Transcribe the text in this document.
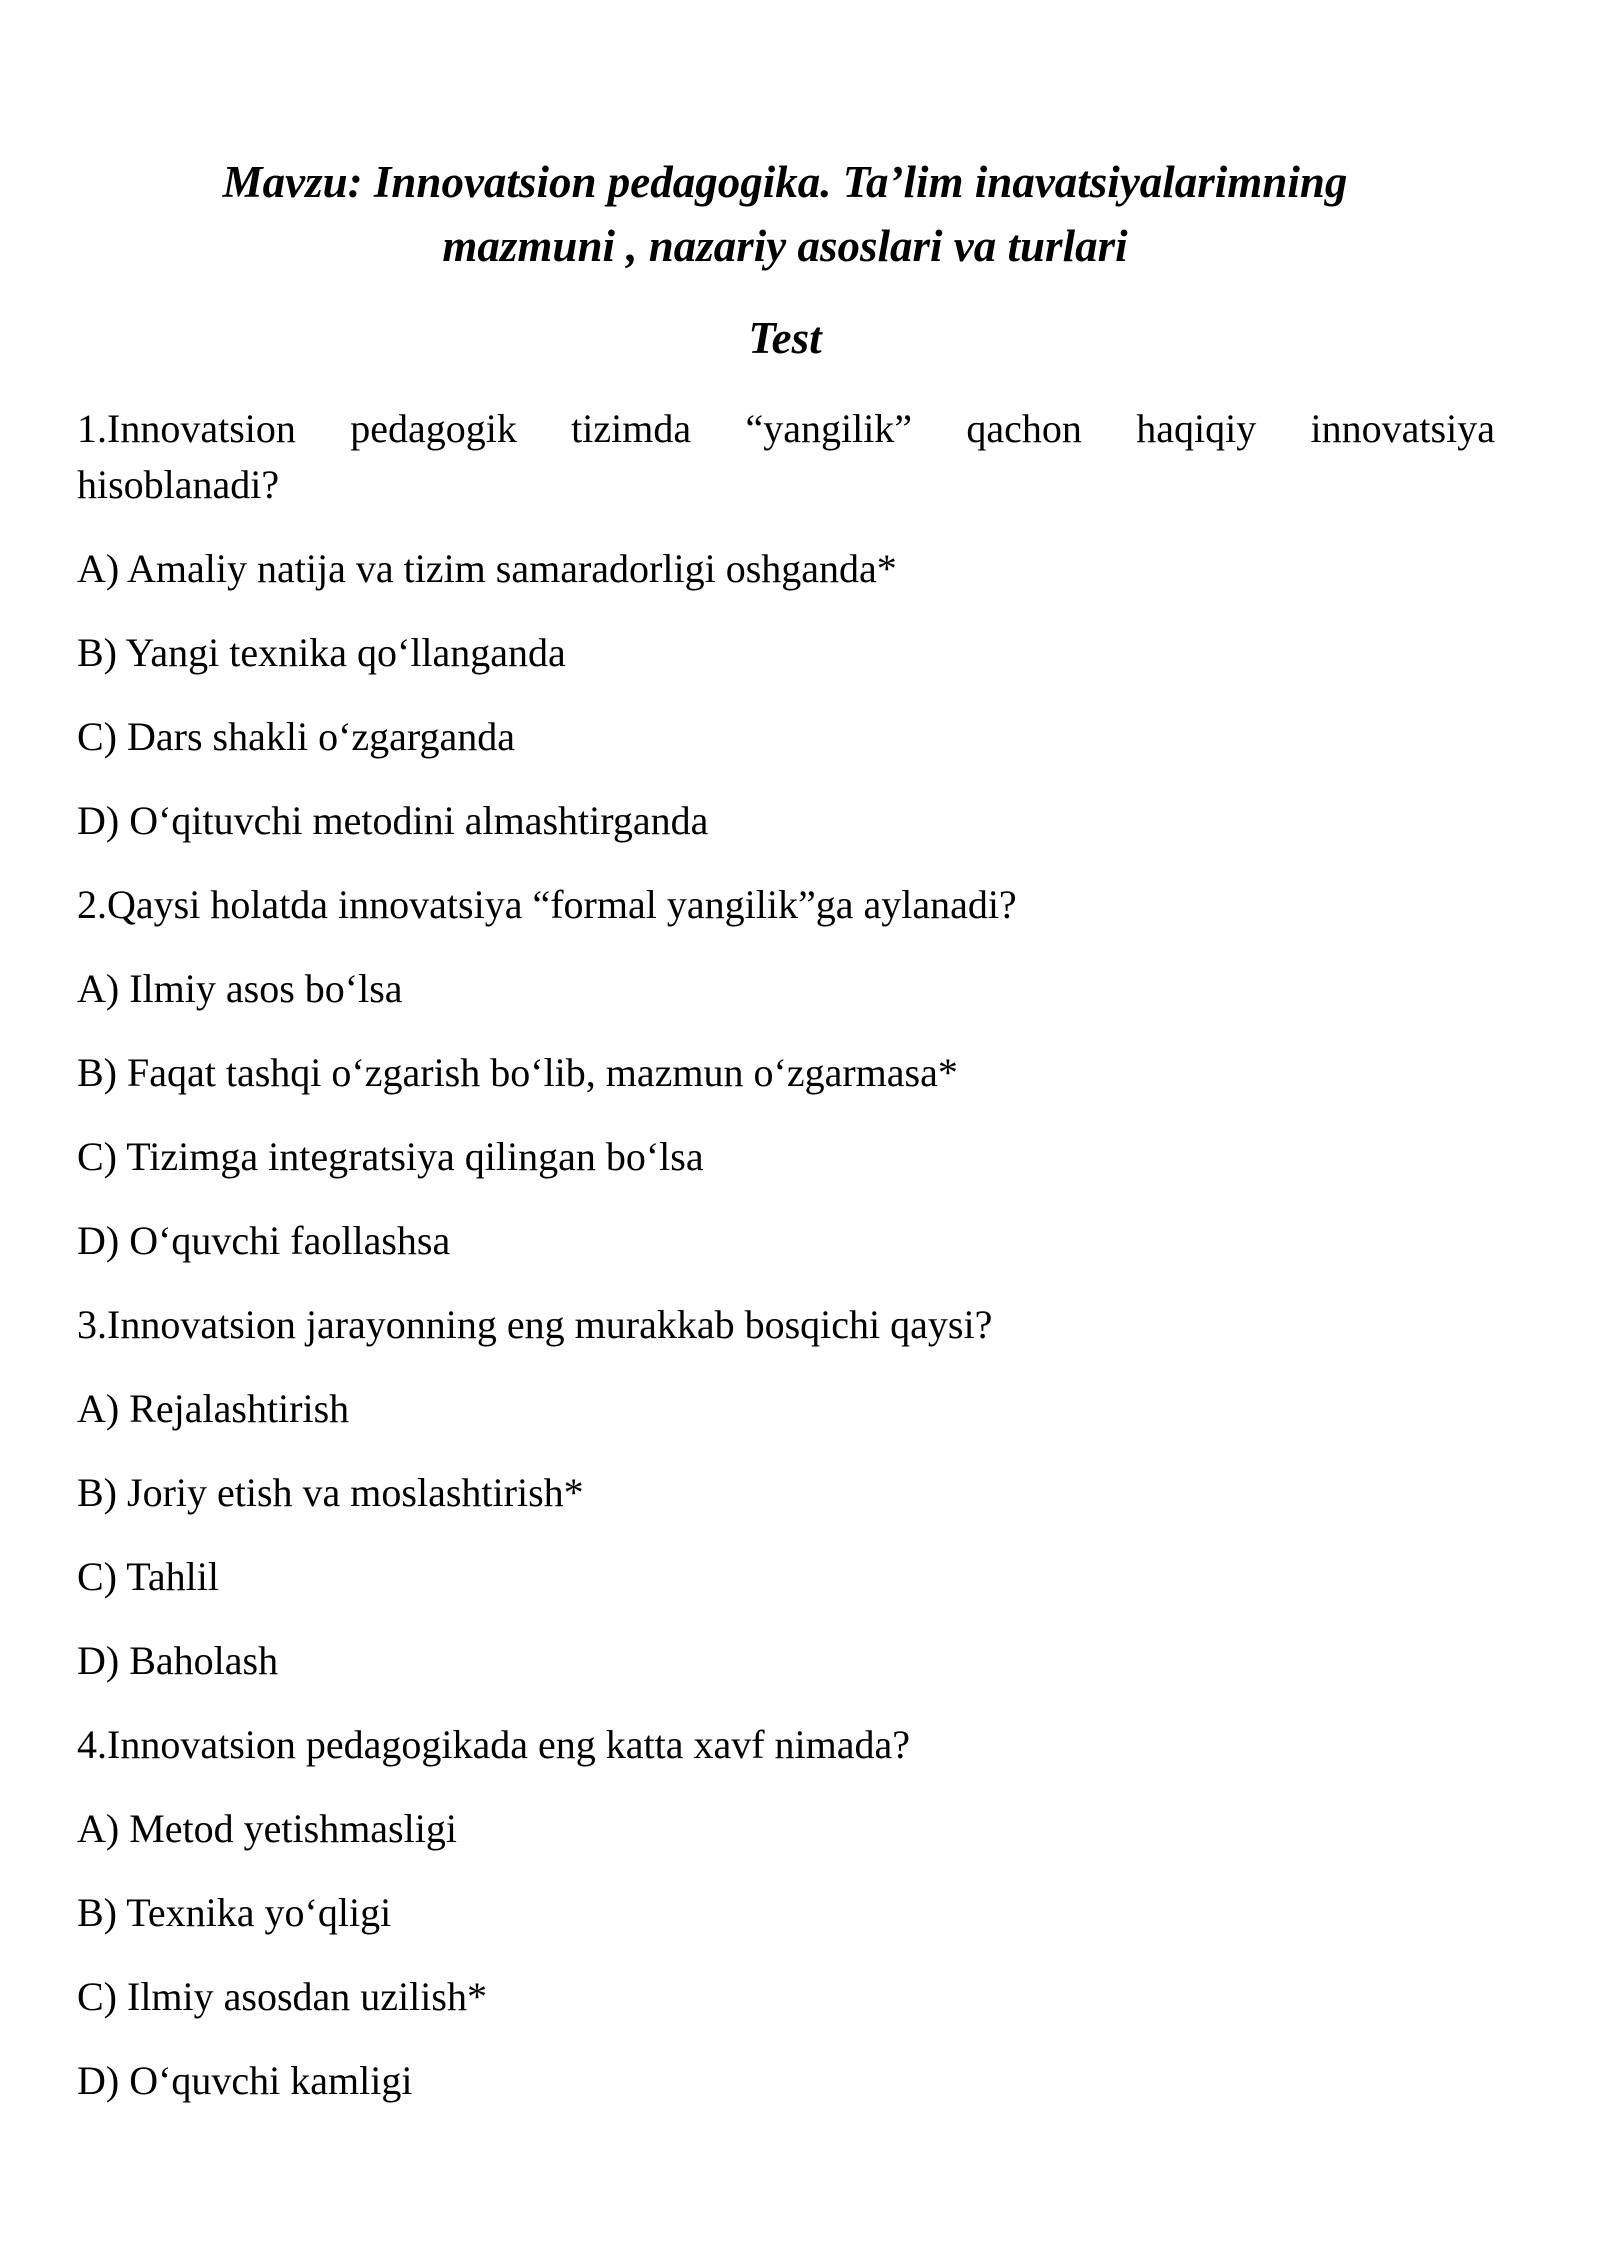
Mavzu: Innovatsion pedagogika. Ta’lim inavatsiyalarimning

mazmuni , nazariy asoslari va turlari

Test

1.Innovatsion pedagogik tizimda “yangilik” qachon haqiqiy innovatsiya

hisoblanadi?

A) Amaliy natija va tizim samaradorligi oshganda*

B) Yangi texnika qo‘llanganda

C) Dars shakli o‘zgarganda

D) O‘qituvchi metodini almashtirganda

2.Qaysi holatda innovatsiya “formal yangilik”ga aylanadi?

A) Ilmiy asos bo‘lsa

B) Faqat tashqi o‘zgarish bo‘lib, mazmun o‘zgarmasa*

C) Tizimga integratsiya qilingan bo‘lsa

D) O‘quvchi faollashsa

3.Innovatsion jarayonning eng murakkab bosqichi qaysi?

A) Rejalashtirish

B) Joriy etish va moslashtirish*

C) Tahlil

D) Baholash

4.Innovatsion pedagogikada eng katta xavf nimada?

A) Metod yetishmasligi

B) Texnika yo‘qligi

C) Ilmiy asosdan uzilish*

D) O‘quvchi kamligi
